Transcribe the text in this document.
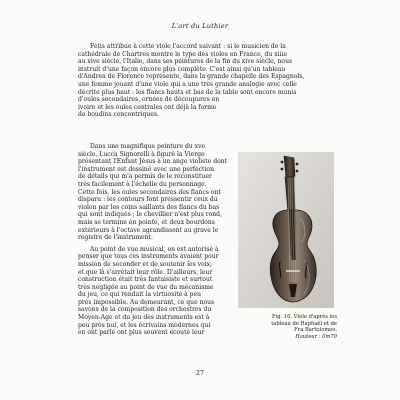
L'art du Luthier

Fétis attribue à cette viole l'accord suivant : si le musicien de la
cathédrale de Chartres montre le type des violes en France, du xiiie
au xive siècle, l'Italie, dans ses peintures de la fin du xive siècle, nous
instruit d'une façon encore plus complète. C'est ainsi qu'un tableau
d'Andrea de Florence représente, dans la grande chapelle des Espagnols,
une femme jouant d'une viole qui a une très grande analogie avec celle
décrite plus haut : les flancs hauts et bas de la table sont encore munis
d'ouïes secondaires, ornées de découpures en
ivoire et les ouïes centrales ont déjà la forme
de boudins concentriques.

Dans une magnifique peinture du xve
siècle, Lucca Signorelli à figuré la Vierge
présentant l'Enfant Jésus à un ange violiste dont
l'instrument est dessiné avec une perfection
de détails qui m'a permis de le reconstituer
très facilement à l'échelle du personnage.
Cette fois, les ouïes secondaires des flancs ont
disparu : les contours font pressentir ceux du
violon par les coins saillants des flancs du bas
qui sont indiqués ; le chevillier n'est plus rond,
mais se termine en pointe, et deux bourdons
extérieurs à l'octave agrandissent au grave le
registre de l'instrument.

Au point de vue musical, on est autorisé à
penser que tous ces instruments avaient pour
mission de seconder et de soutenir les voix,
et que là s'arrêtait leur rôle. D'ailleurs, leur
construction était très fantaisiste et surtout
très négligée au point de vue du mécanisme
du jeu, ce qui rendait la virtuosité à peu
près impossible. Au demeurant, ce que nous
savons de la composition des orchestres du
Moyen-Age et du jeu des instruments est à
peu près nul, et les écrivains modernes qui
en ont parlé ont plus souvent écouté leur

Fig. 10. Viole d'après les
tableau de Raphaël et de
Fra Bartolomeo.
Hauteur : 0m70
27
